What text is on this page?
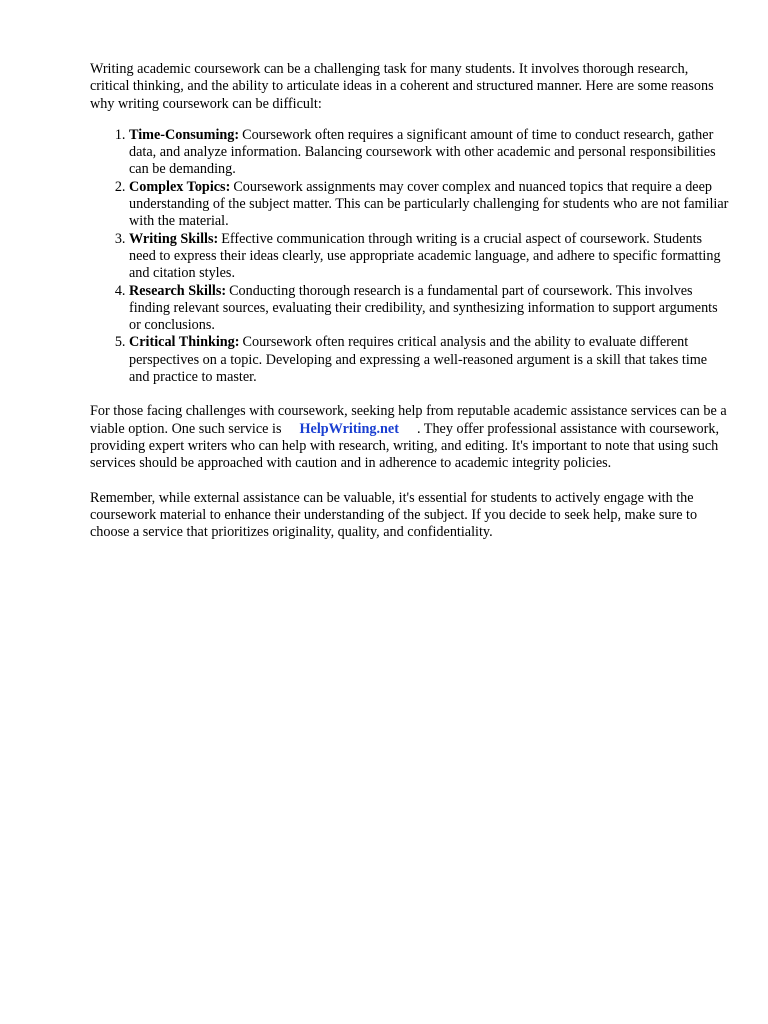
Writing academic coursework can be a challenging task for many students. It involves thorough research, critical thinking, and the ability to articulate ideas in a coherent and structured manner. Here are some reasons why writing coursework can be difficult:

1. Time-Consuming: Coursework often requires a significant amount of time to conduct research, gather data, and analyze information. Balancing coursework with other academic and personal responsibilities can be demanding.
2. Complex Topics: Coursework assignments may cover complex and nuanced topics that require a deep understanding of the subject matter. This can be particularly challenging for students who are not familiar with the material.
3. Writing Skills: Effective communication through writing is a crucial aspect of coursework. Students need to express their ideas clearly, use appropriate academic language, and adhere to specific formatting and citation styles.
4. Research Skills: Conducting thorough research is a fundamental part of coursework. This involves finding relevant sources, evaluating their credibility, and synthesizing information to support arguments or conclusions.
5. Critical Thinking: Coursework often requires critical analysis and the ability to evaluate different perspectives on a topic. Developing and expressing a well-reasoned argument is a skill that takes time and practice to master.

For those facing challenges with coursework, seeking help from reputable academic assistance services can be a viable option. One such service is HelpWriting.net . They offer professional assistance with coursework, providing expert writers who can help with research, writing, and editing. It's important to note that using such services should be approached with caution and in adherence to academic integrity policies.

Remember, while external assistance can be valuable, it's essential for students to actively engage with the coursework material to enhance their understanding of the subject. If you decide to seek help, make sure to choose a service that prioritizes originality, quality, and confidentiality.
